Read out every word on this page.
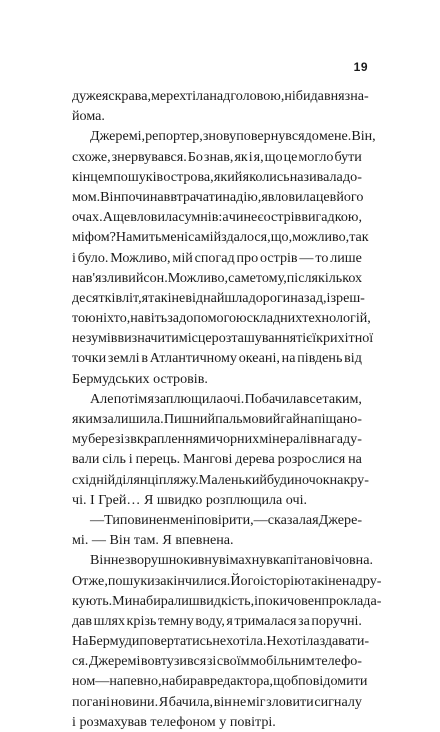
19
дуже яскрава, мерехтіла над головою, ніби давня зна-
йома.
Джеремі, репортер, знову повернувся до мене. Він,
схоже, знервувався. Бо знав, як і я, що це могло бути
кінцем пошуків острова, який я колись називала до-
мом. Він починав втрачати надію, я вловила це в його
очах. А ще вловила сумнів: а чи не є острів вигадкою,
міфом? На мить мені самій здалося, що, можливо, так
і було. Можливо, мій спогад про острів — то лише
нав'язливий сон. Можливо, саме тому, після кількох
десятків літ, я так і не віднайшла дороги назад, і зреш-
тою ніхто, навіть за допомогою складних технологій,
не зумів визначити місцерозташування тієї крихітної
точки землі в Атлантичному океані, на південь від
Бермудських островів.
Але потім я заплющила очі. Побачила все таким,
яким залишила. Пишний пальмовий гай на піщано-
му березі з вкрапленнями чорних мінералів нагаду-
вали сіль і перець. Мангові дерева розрослися на
східній ділянці пляжу. Маленький будиночок на кру-
чі. І Грей… Я швидко розплющила очі.
— Ти повинен мені повірити, — сказала я Джере-
мі. — Він там. Я впевнена.
Він незворушно кивнув і махнув капітанові човна.
Отже, пошуки закінчилися. Його історію так і не надру-
кують. Ми набирали швидкість, і поки човен проклада-
дав шлях крізь темну воду, я трималася за поручні.
На Бермуди повертатись не хотіла. Не хотіла здавати-
ся. Джеремі вовтузився зі своїм мобільним телефо-
ном — напевно, набирав редактора, щоб повідомити
погані новини. Я бачила, він не міг зловити сигналу
і розмахував телефоном у повітрі.
